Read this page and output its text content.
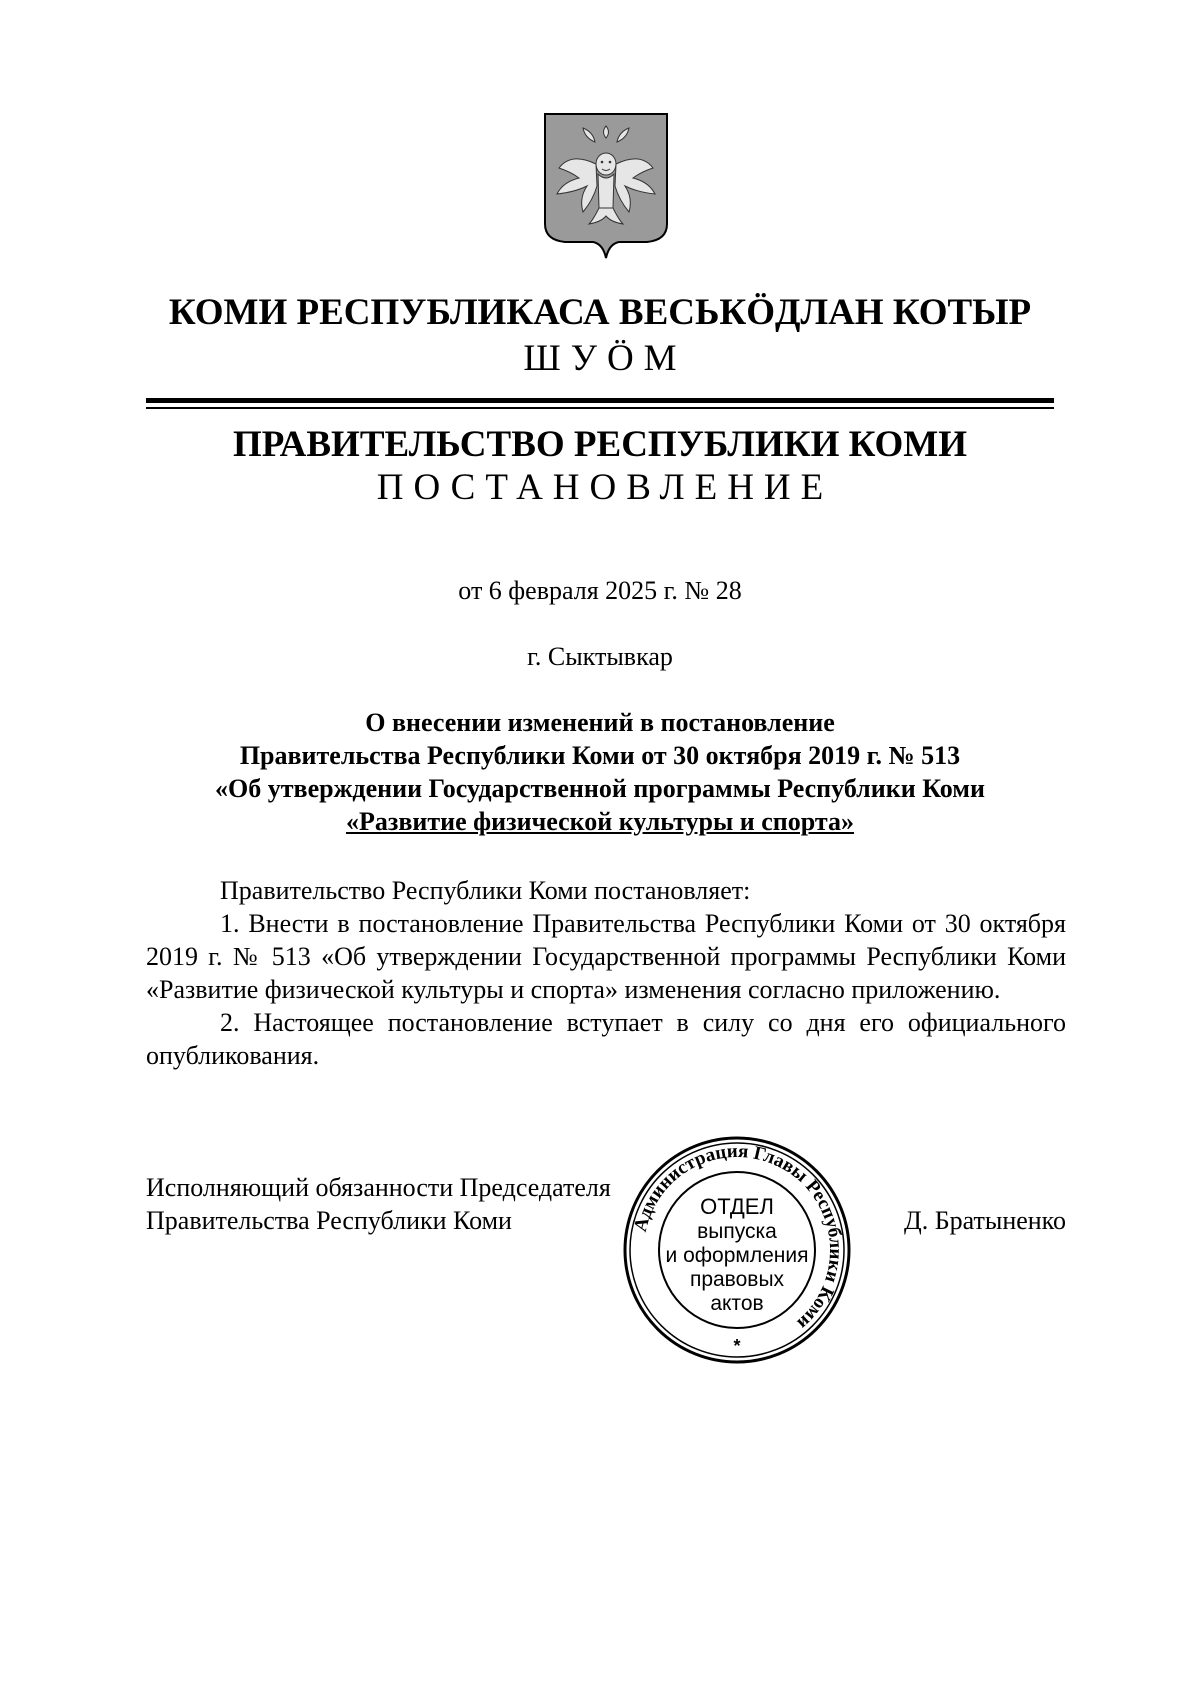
КОМИ РЕСПУБЛИКАСА ВЕСЬКӦДЛАН КОТЫР
ШУӦМ
ПРАВИТЕЛЬСТВО РЕСПУБЛИКИ КОМИ
ПОСТАНОВЛЕНИЕ
от 6 февраля 2025 г. № 28
г. Сыктывкар
О внесении изменений в постановление
Правительства Республики Коми от 30 октября 2019 г. № 513
«Об утверждении Государственной программы Республики Коми
«Развитие физической культуры и спорта»

Правительство Республики Коми постановляет:

1. Внести в постановление Правительства Республики Коми от 30 октября 2019 г. № 513 «Об утверждении Государственной программы Республики Коми «Развитие физической культуры и спорта» изменения согласно приложению.

2. Настоящее постановление вступает в силу со дня его официального опубликования.

Исполняющий обязанности Председателя
Правительства Республики Коми	Д. Братыненко
Администрация Главы Республики Коми
ОТДЕЛ
выпуска
и оформления
правовых
актов
*
